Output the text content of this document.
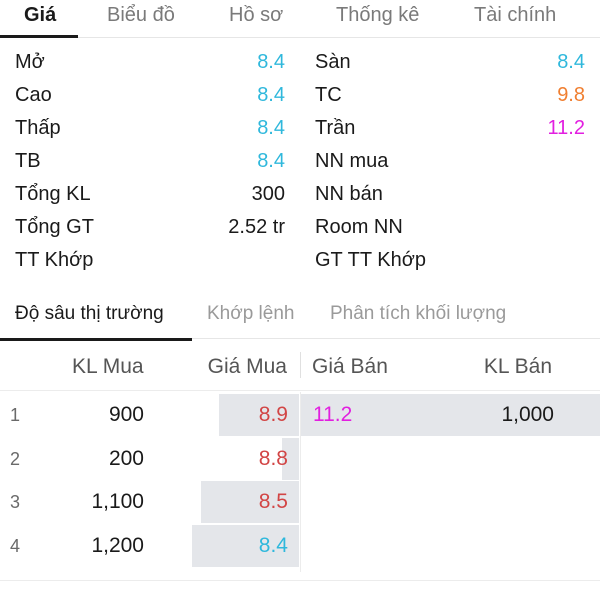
Giá	Biểu đồ	Hồ sơ	Thống kê	Tài chính
Mở	8.4 Sàn	8.4
Cao	8.4 TC	9.8
Thấp	8.4 Trần	11.2
TB	8.4 NN mua
Tổng KL	300 NN bán
Tổng GT	2.52 tr Room NN
TT Khớp	GT TT Khớp
Độ sâu thị trường Khớp lệnh Phân tích khối lượng
KL Mua	Giá Mua Giá Bán	KL Bán
1	900	8.9 11.2	1,000
2	200	8.8
3	1,100	8.5
4	1,200	8.4
